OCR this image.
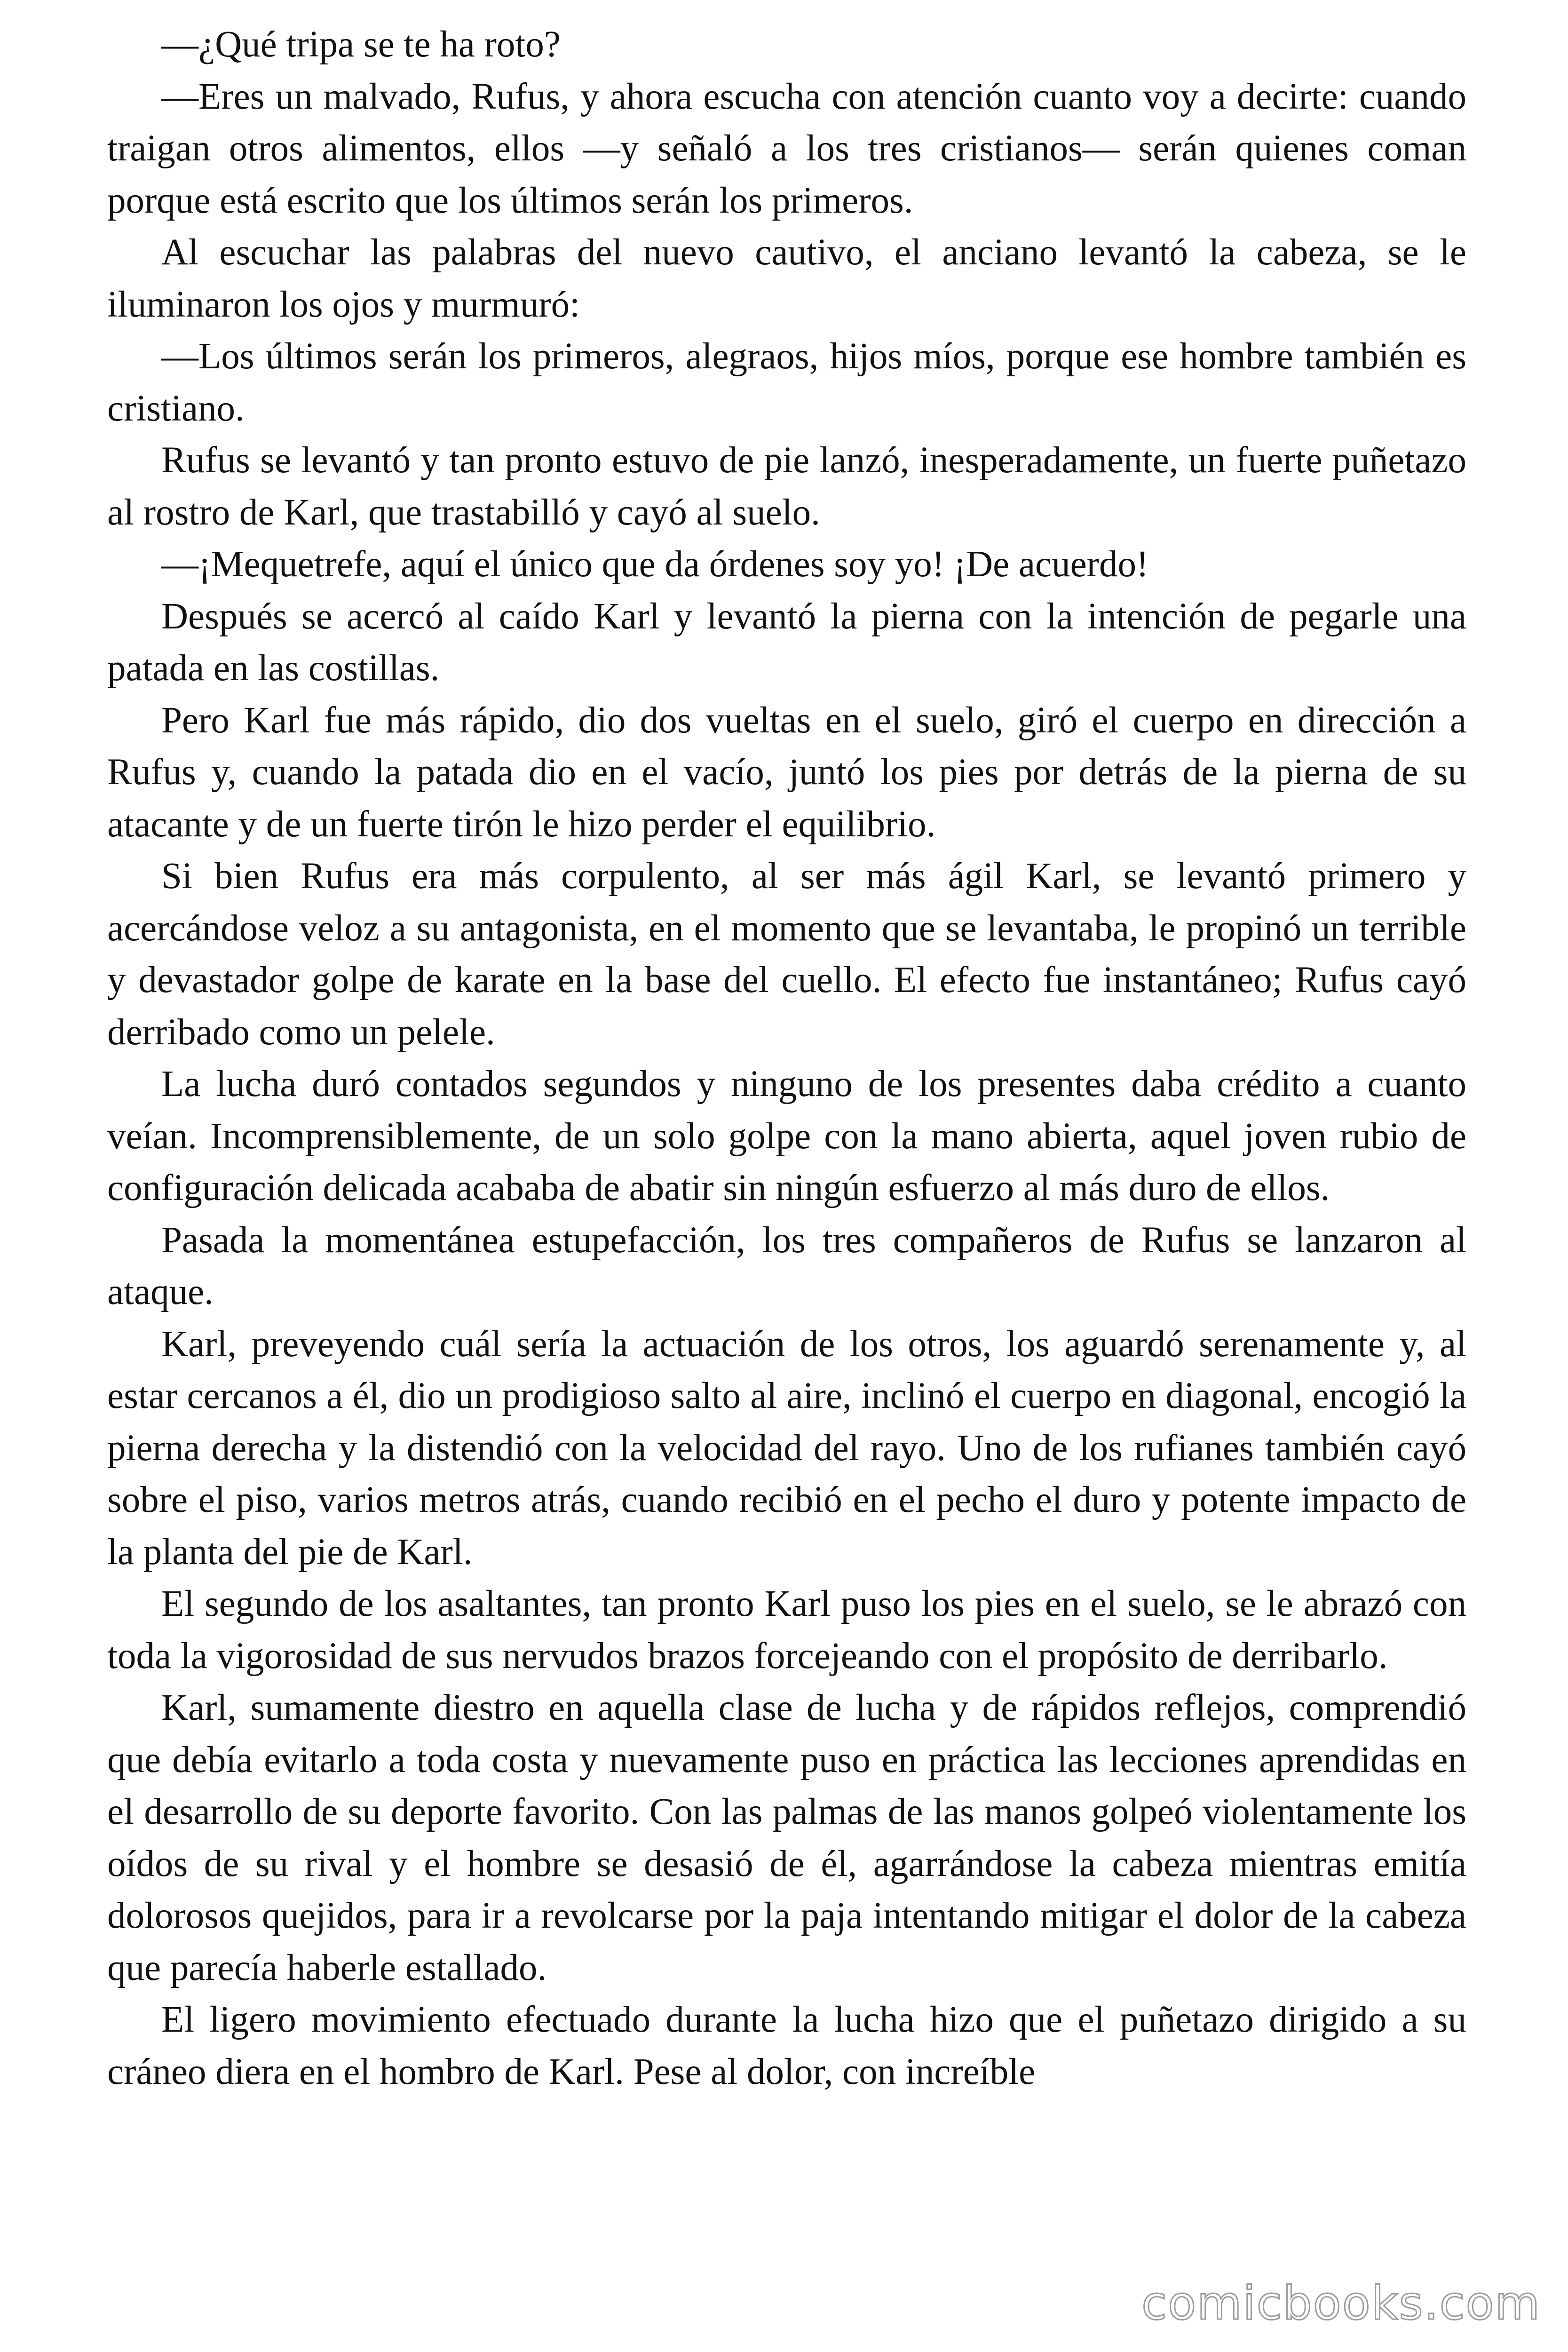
—¿Qué tripa se te ha roto?

—Eres un malvado, Rufus, y ahora escucha con atención cuanto voy a decirte: cuando traigan otros alimentos, ellos —y señaló a los tres cristianos— serán quienes coman porque está escrito que los últimos serán los primeros.

Al escuchar las palabras del nuevo cautivo, el anciano levantó la cabeza, se le iluminaron los ojos y murmuró:

—Los últimos serán los primeros, alegraos, hijos míos, porque ese hombre también es cristiano.

Rufus se levantó y tan pronto estuvo de pie lanzó, inesperadamente, un fuerte puñetazo al rostro de Karl, que trastabilló y cayó al suelo.

—¡Mequetrefe, aquí el único que da órdenes soy yo! ¡De acuerdo!

Después se acercó al caído Karl y levantó la pierna con la intención de pegarle una patada en las costillas.

Pero Karl fue más rápido, dio dos vueltas en el suelo, giró el cuerpo en dirección a Rufus y, cuando la patada dio en el vacío, juntó los pies por detrás de la pierna de su atacante y de un fuerte tirón le hizo perder el equilibrio.

Si bien Rufus era más corpulento, al ser más ágil Karl, se levantó primero y acercándose veloz a su antagonista, en el momento que se levantaba, le propinó un terrible y devastador golpe de karate en la base del cuello. El efecto fue instantáneo; Rufus cayó derribado como un pelele.

La lucha duró contados segundos y ninguno de los presentes daba crédito a cuanto veían. Incomprensiblemente, de un solo golpe con la mano abierta, aquel joven rubio de configuración delicada acababa de abatir sin ningún esfuerzo al más duro de ellos.

Pasada la momentánea estupefacción, los tres compañeros de Rufus se lanzaron al ataque.

Karl, preveyendo cuál sería la actuación de los otros, los aguardó serenamente y, al estar cercanos a él, dio un prodigioso salto al aire, inclinó el cuerpo en diagonal, encogió la pierna derecha y la distendió con la velocidad del rayo. Uno de los rufianes también cayó sobre el piso, varios metros atrás, cuando recibió en el pecho el duro y potente impacto de la planta del pie de Karl.

El segundo de los asaltantes, tan pronto Karl puso los pies en el suelo, se le abrazó con toda la vigorosidad de sus nervudos brazos forcejeando con el propósito de derribarlo.

Karl, sumamente diestro en aquella clase de lucha y de rápidos reflejos, comprendió que debía evitarlo a toda costa y nuevamente puso en práctica las lecciones aprendidas en el desarrollo de su deporte favorito. Con las palmas de las manos golpeó violentamente los oídos de su rival y el hombre se desasió de él, agarrándose la cabeza mientras emitía dolorosos quejidos, para ir a revolcarse por la paja intentando mitigar el dolor de la cabeza que parecía haberle estallado.

El ligero movimiento efectuado durante la lucha hizo que el puñetazo dirigido a su cráneo diera en el hombro de Karl. Pese al dolor, con increíble

comicbooks.com
